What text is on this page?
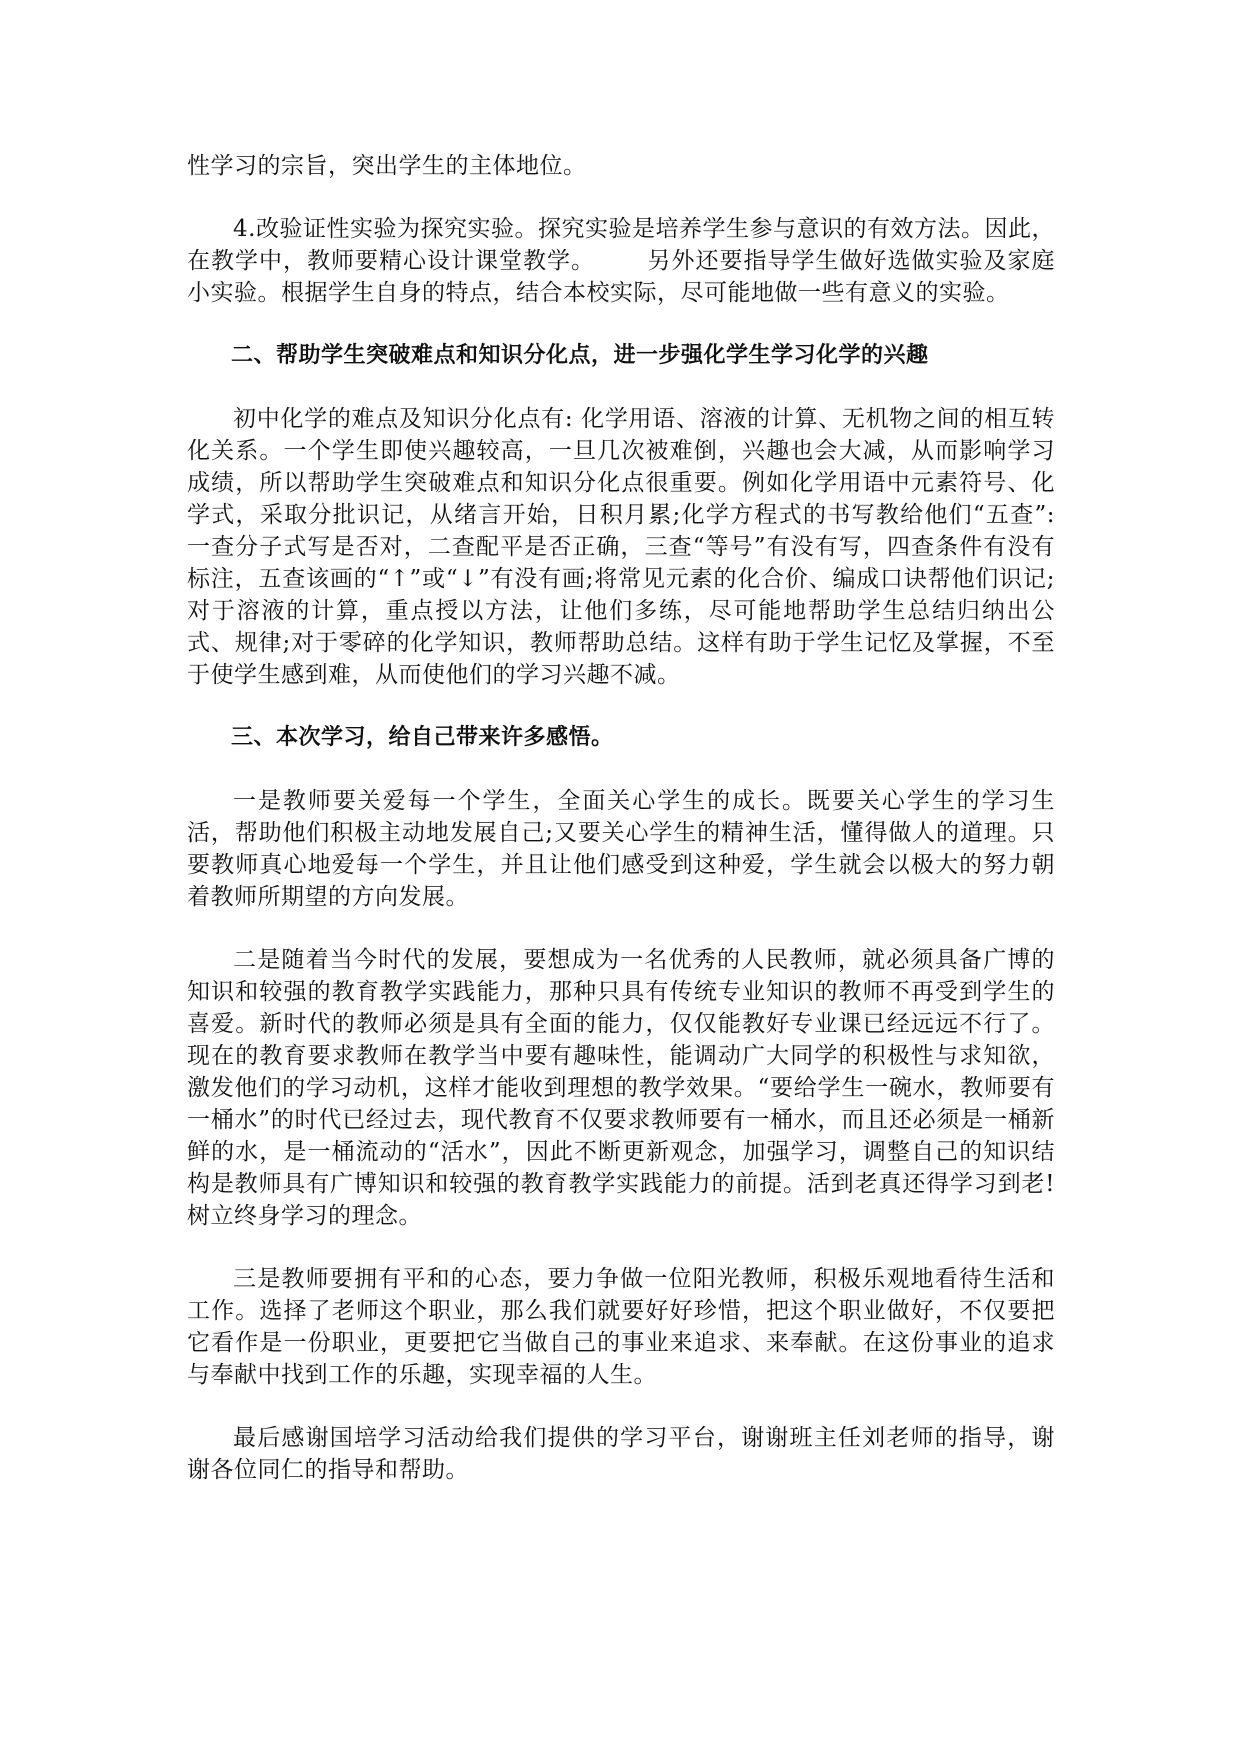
性学习的宗旨，突出学生的主体地位。

4.改验证性实验为探究实验。探究实验是培养学生参与意识的有效方法。因此，在教学中，教师要精心设计课堂教学。 另外还要指导学生做好选做实验及家庭小实验。根据学生自身的特点，结合本校实际，尽可能地做一些有意义的实验。

二、帮助学生突破难点和知识分化点，进一步强化学生学习化学的兴趣

初中化学的难点及知识分化点有: 化学用语、溶液的计算、无机物之间的相互转化关系。一个学生即使兴趣较高，一旦几次被难倒，兴趣也会大减，从而影响学习成绩，所以帮助学生突破难点和知识分化点很重要。例如化学用语中元素符号、化学式，采取分批识记，从绪言开始，日积月累;化学方程式的书写教给他们“五查”: 一查分子式写是否对，二查配平是否正确，三查“等号”有没有写，四查条件有没有标注，五查该画的“↑”或“↓”有没有画;将常见元素的化合价、编成口诀帮他们识记;对于溶液的计算，重点授以方法，让他们多练，尽可能地帮助学生总结归纳出公式、规律;对于零碎的化学知识，教师帮助总结。这样有助于学生记忆及掌握，不至于使学生感到难，从而使他们的学习兴趣不减。

三、本次学习，给自己带来许多感悟。

一是教师要关爱每一个学生，全面关心学生的成长。既要关心学生的学习生活，帮助他们积极主动地发展自己;又要关心学生的精神生活，懂得做人的道理。只要教师真心地爱每一个学生，并且让他们感受到这种爱，学生就会以极大的努力朝着教师所期望的方向发展。

二是随着当今时代的发展，要想成为一名优秀的人民教师，就必须具备广博的知识和较强的教育教学实践能力，那种只具有传统专业知识的教师不再受到学生的喜爱。新时代的教师必须是具有全面的能力，仅仅能教好专业课已经远远不行了。现在的教育要求教师在教学当中要有趣味性，能调动广大同学的积极性与求知欲，激发他们的学习动机，这样才能收到理想的教学效果。“要给学生一碗水，教师要有一桶水”的时代已经过去，现代教育不仅要求教师要有一桶水，而且还必须是一桶新鲜的水，是一桶流动的“活水”，因此不断更新观念，加强学习，调整自己的知识结构是教师具有广博知识和较强的教育教学实践能力的前提。活到老真还得学习到老!树立终身学习的理念。

三是教师要拥有平和的心态，要力争做一位阳光教师，积极乐观地看待生活和工作。选择了老师这个职业，那么我们就要好好珍惜，把这个职业做好，不仅要把它看作是一份职业，更要把它当做自己的事业来追求、来奉献。在这份事业的追求与奉献中找到工作的乐趣，实现幸福的人生。

最后感谢国培学习活动给我们提供的学习平台，谢谢班主任刘老师的指导，谢谢各位同仁的指导和帮助。
